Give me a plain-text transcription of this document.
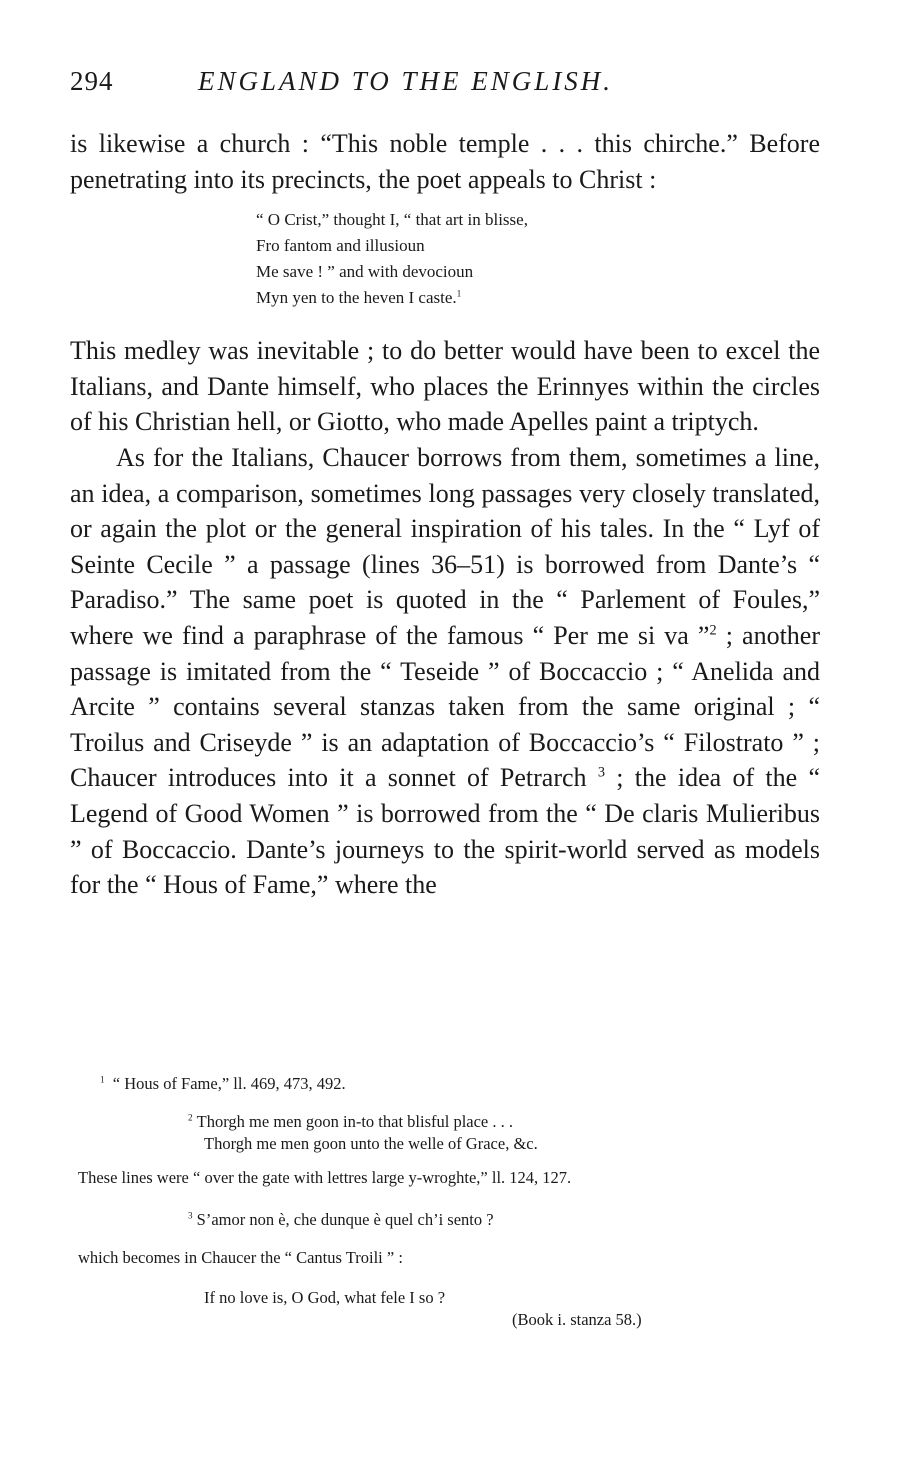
294	ENGLAND TO THE ENGLISH.

is likewise a church : “This noble temple . . . this chirche.” Before penetrating into its precincts, the poet appeals to Christ :

“ O Crist,” thought I, “ that art in blisse,
Fro fantom and illusioun
Me save ! ” and with devocioun
Myn yen to the heven I caste.$^1$

This medley was inevitable ; to do better would have been to excel the Italians, and Dante himself, who places the Erinnyes within the circles of his Christian hell, or Giotto, who made Apelles paint a triptych.

As for the Italians, Chaucer borrows from them, sometimes a line, an idea, a comparison, sometimes long passages very closely translated, or again the plot or the general inspiration of his tales. In the “ Lyf of Seinte Cecile ” a passage (lines 36–51) is borrowed from Dante’s “ Paradiso.” The same poet is quoted in the “ Parlement of Foules,” where we find a paraphrase of the famous “ Per me si va ”$^2$ ; another passage is imitated from the “ Teseide ” of Boccaccio ; “ Anelida and Arcite ” contains several stanzas taken from the same original ; “ Troilus and Criseyde ” is an adaptation of Boccaccio’s “ Filostrato ” ; Chaucer introduces into it a sonnet of Petrarch $^3$ ; the idea of the “ Legend of Good Women ” is borrowed from the “ De claris Mulieribus ” of Boccaccio. Dante’s journeys to the spirit-world served as models for the “ Hous of Fame,” where the

$^1$ “ Hous of Fame,” ll. 469, 473, 492.
$^2$ Thorgh me men goon in-to that blisful place . . .
Thorgh me men goon unto the welle of Grace, &c.
These lines were “ over the gate with lettres large y-wroghte,” ll. 124, 127.
$^3$ S’amor non è, che dunque è quel ch’i sento ?
which becomes in Chaucer the “ Cantus Troili ” :
If no love is, O God, what fele I so ?
(Book i. stanza 58.)
